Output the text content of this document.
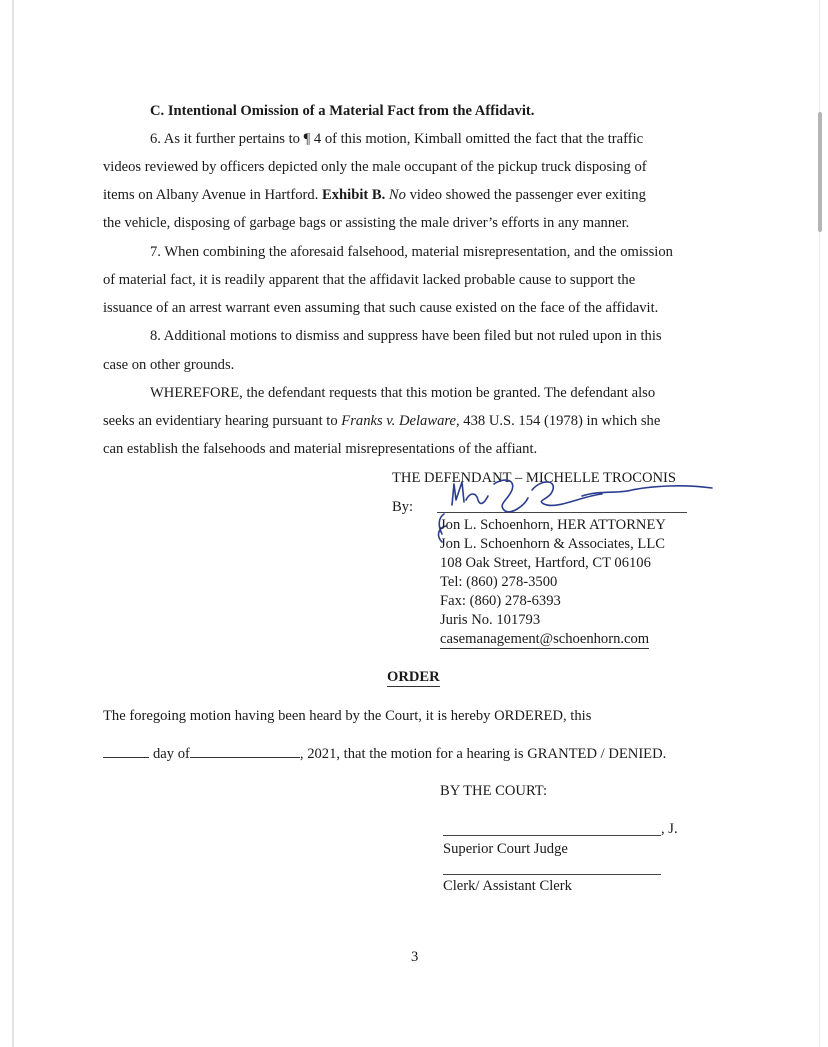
C. Intentional Omission of a Material Fact from the Affidavit.
6. As it further pertains to ¶ 4 of this motion, Kimball omitted the fact that the traffic
videos reviewed by officers depicted only the male occupant of the pickup truck disposing of
items on Albany Avenue in Hartford. Exhibit B. No video showed the passenger ever exiting
the vehicle, disposing of garbage bags or assisting the male driver’s efforts in any manner.
7. When combining the aforesaid falsehood, material misrepresentation, and the omission
of material fact, it is readily apparent that the affidavit lacked probable cause to support the
issuance of an arrest warrant even assuming that such cause existed on the face of the affidavit.
8. Additional motions to dismiss and suppress have been filed but not ruled upon in this
case on other grounds.
WHEREFORE, the defendant requests that this motion be granted. The defendant also
seeks an evidentiary hearing pursuant to Franks v. Delaware, 438 U.S. 154 (1978) in which she
can establish the falsehoods and material misrepresentations of the affiant.
THE DEFENDANT – MICHELLE TROCONIS
By:
Jon L. Schoenhorn, HER ATTORNEY
Jon L. Schoenhorn & Associates, LLC
108 Oak Street, Hartford, CT 06106
Tel: (860) 278-3500
Fax: (860) 278-6393
Juris No. 101793
casemanagement@schoenhorn.com
ORDER
The foregoing motion having been heard by the Court, it is hereby ORDERED, this
day of	, 2021, that the motion for a hearing is GRANTED / DENIED.
BY THE COURT:
, J.
Superior Court Judge
Clerk/ Assistant Clerk
3
